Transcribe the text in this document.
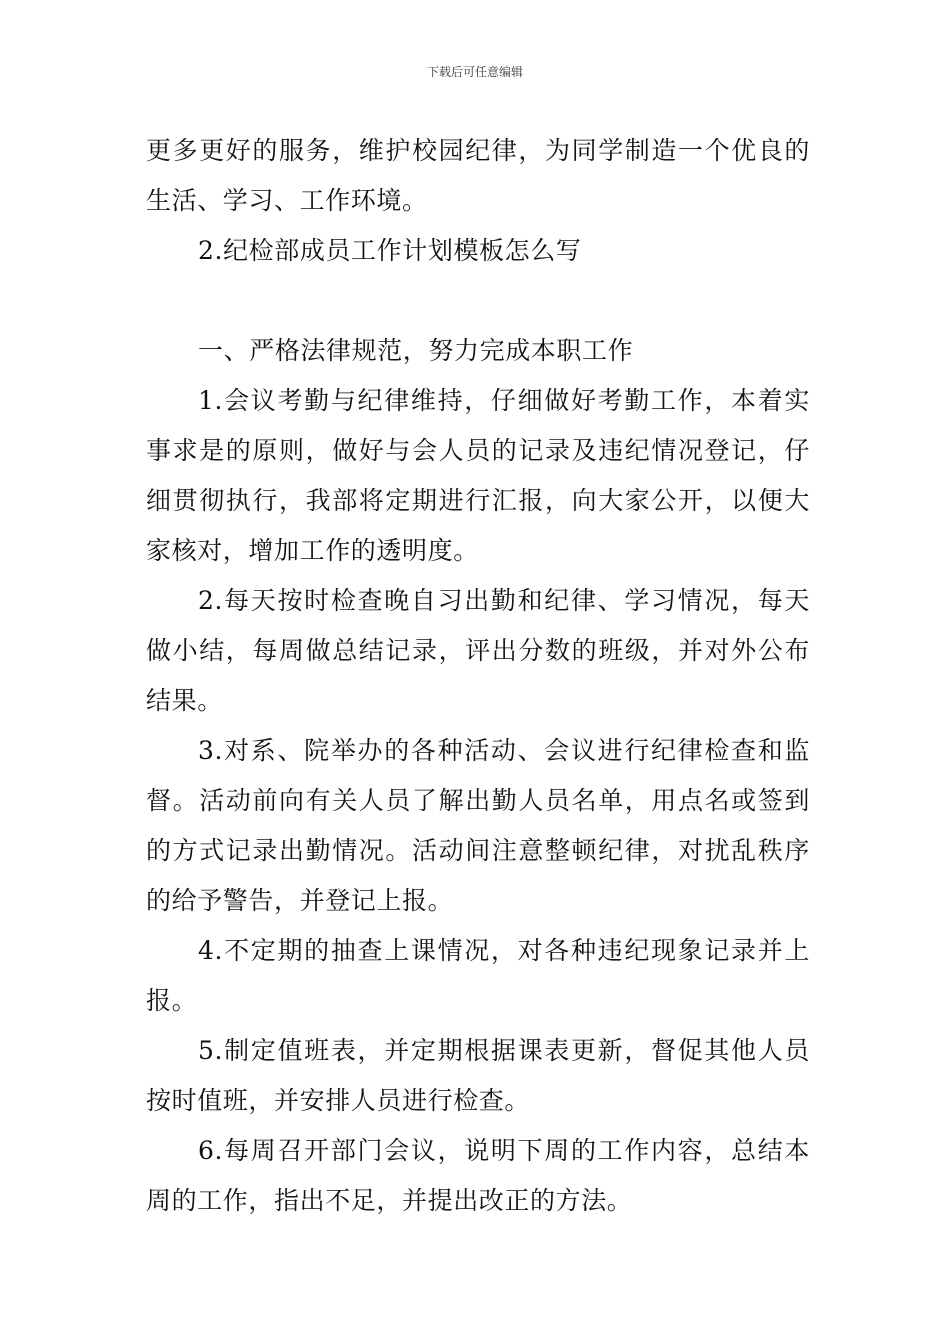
下载后可任意编辑

更多更好的服务，维护校园纪律，为同学制造一个优良的生活、学习、工作环境。

2.纪检部成员工作计划模板怎么写

一、严格法律规范，努力完成本职工作

1.会议考勤与纪律维持，仔细做好考勤工作，本着实事求是的原则，做好与会人员的记录及违纪情况登记，仔细贯彻执行，我部将定期进行汇报，向大家公开，以便大家核对，增加工作的透明度。

2.每天按时检查晚自习出勤和纪律、学习情况，每天做小结，每周做总结记录，评出分数的班级，并对外公布结果。

3.对系、院举办的各种活动、会议进行纪律检查和监督。活动前向有关人员了解出勤人员名单，用点名或签到的方式记录出勤情况。活动间注意整顿纪律，对扰乱秩序的给予警告，并登记上报。

4.不定期的抽查上课情况，对各种违纪现象记录并上报。

5.制定值班表，并定期根据课表更新，督促其他人员按时值班，并安排人员进行检查。

6.每周召开部门会议，说明下周的工作内容，总结本周的工作，指出不足，并提出改正的方法。
